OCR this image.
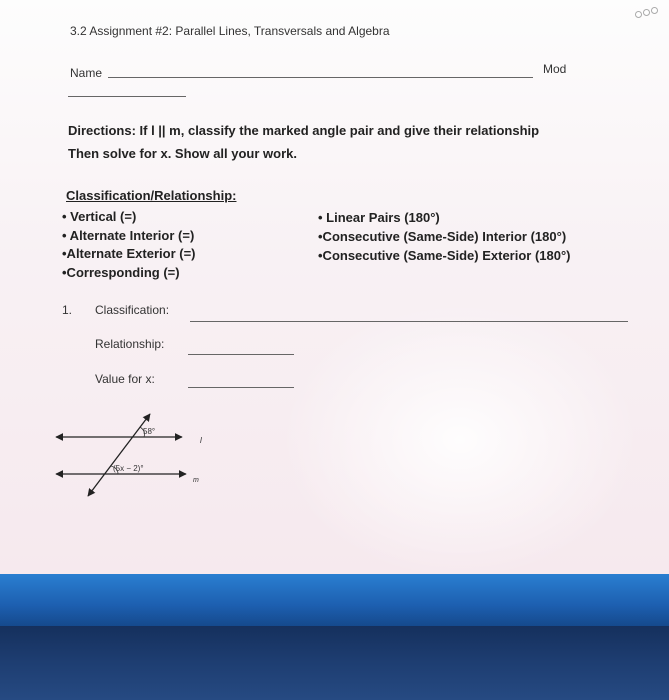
3.2 Assignment #2: Parallel Lines, Transversals and Algebra
Name	Mod
Directions: If l || m, classify the marked angle pair and give their relationship
Then solve for x. Show all your work.
Classification/Relationship:
• Vertical (=)
• Alternate Interior (=)
•Alternate Exterior (=)
•Corresponding (=)
• Linear Pairs (180°)
•Consecutive (Same-Side) Interior (180°)
•Consecutive (Same-Side) Exterior (180°)
1. Classification:
Relationship:
Value for x:
58°
(5x − 2)°
l
m
